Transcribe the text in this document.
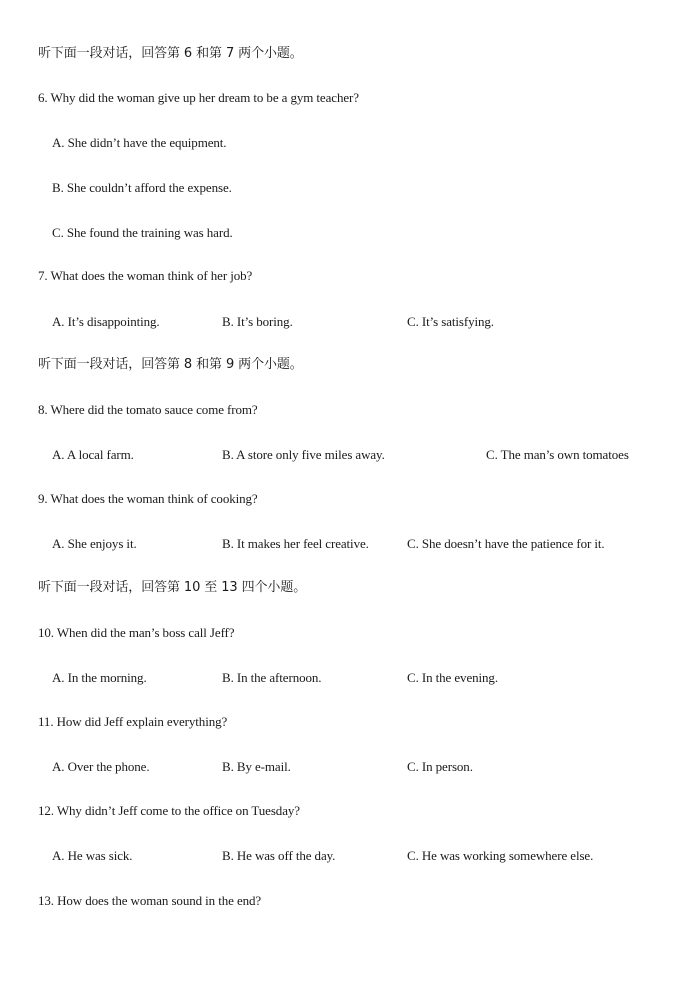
听下面一段对话，回答第 6 和第 7 两个小题。
6. Why did the woman give up her dream to be a gym teacher?
A. She didn’t have the equipment.
B. She couldn’t afford the expense.
C. She found the training was hard.
7. What does the woman think of her job?
A. It’s disappointing.	B. It’s boring.	C. It’s satisfying.
听下面一段对话，回答第 8 和第 9 两个小题。
8. Where did the tomato sauce come from?
A. A local farm.	B. A store only five miles away.	C. The man’s own tomatoes
9. What does the woman think of cooking?
A. She enjoys it.	B. It makes her feel creative.	C. She doesn’t have the patience for it.
听下面一段对话，回答第 10 至 13 四个小题。
10. When did the man’s boss call Jeff?
A. In the morning.	B. In the afternoon.	C. In the evening.
11. How did Jeff explain everything?
A. Over the phone.	B. By e-mail.	C. In person.
12. Why didn’t Jeff come to the office on Tuesday?
A. He was sick.	B. He was off the day.	C. He was working somewhere else.
13. How does the woman sound in the end?
